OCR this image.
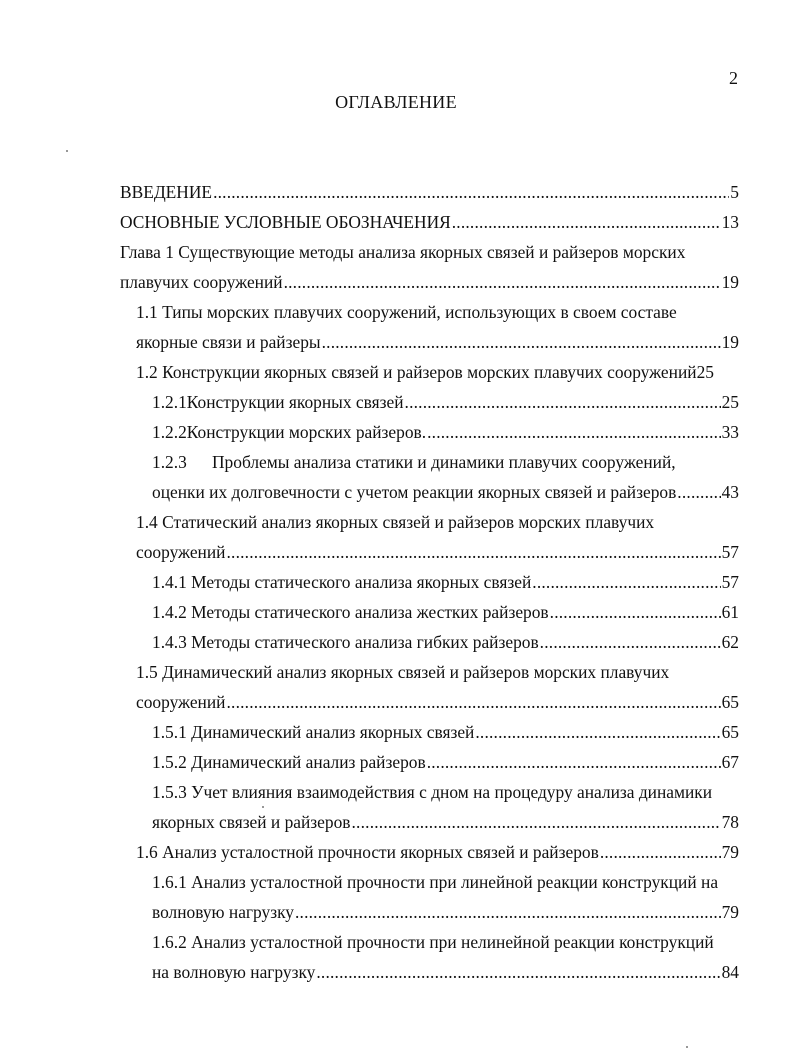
2
ОГЛАВЛЕНИЕ
ВВЕДЕНИЕ .....	5
ОСНОВНЫЕ УСЛОВНЫЕ ОБОЗНАЧЕНИЯ .....	13
Глава 1 Существующие методы анализа якорных связей и райзеров морских
плавучих сооружений .....	19
1.1 Типы морских плавучих сооружений, использующих в своем составе
якорные связи и райзеры .....	19
1.2 Конструкции якорных связей и райзеров морских плавучих сооружений 25
1.2.1 Конструкции якорных связей .....	25
1.2.2 Конструкции морских райзеров. .....	33
1.2.3	Проблемы анализа статики и динамики плавучих сооружений,
оценки их долговечности с учетом реакции якорных связей и райзеров .....	43
1.4 Статический анализ якорных связей и райзеров морских плавучих
сооружений .....	57
1.4.1 Методы статического анализа якорных связей .....	57
1.4.2 Методы статического анализа жестких райзеров .....	61
1.4.3 Методы статического анализа гибких райзеров .....	62
1.5 Динамический анализ якорных связей и райзеров морских плавучих
сооружений .....	65
1.5.1 Динамический анализ якорных связей .....	65
1.5.2 Динамический анализ райзеров .....	67
1.5.3 Учет влияния взаимодействия с дном на процедуру анализа динамики
якорных связей и райзеров .....	78
1.6 Анализ усталостной прочности якорных связей и райзеров .....	79
1.6.1 Анализ усталостной прочности при линейной реакции конструкций на
волновую нагрузку .....	79
1.6.2 Анализ усталостной прочности при нелинейной реакции конструкций
на волновую нагрузку .....	84
